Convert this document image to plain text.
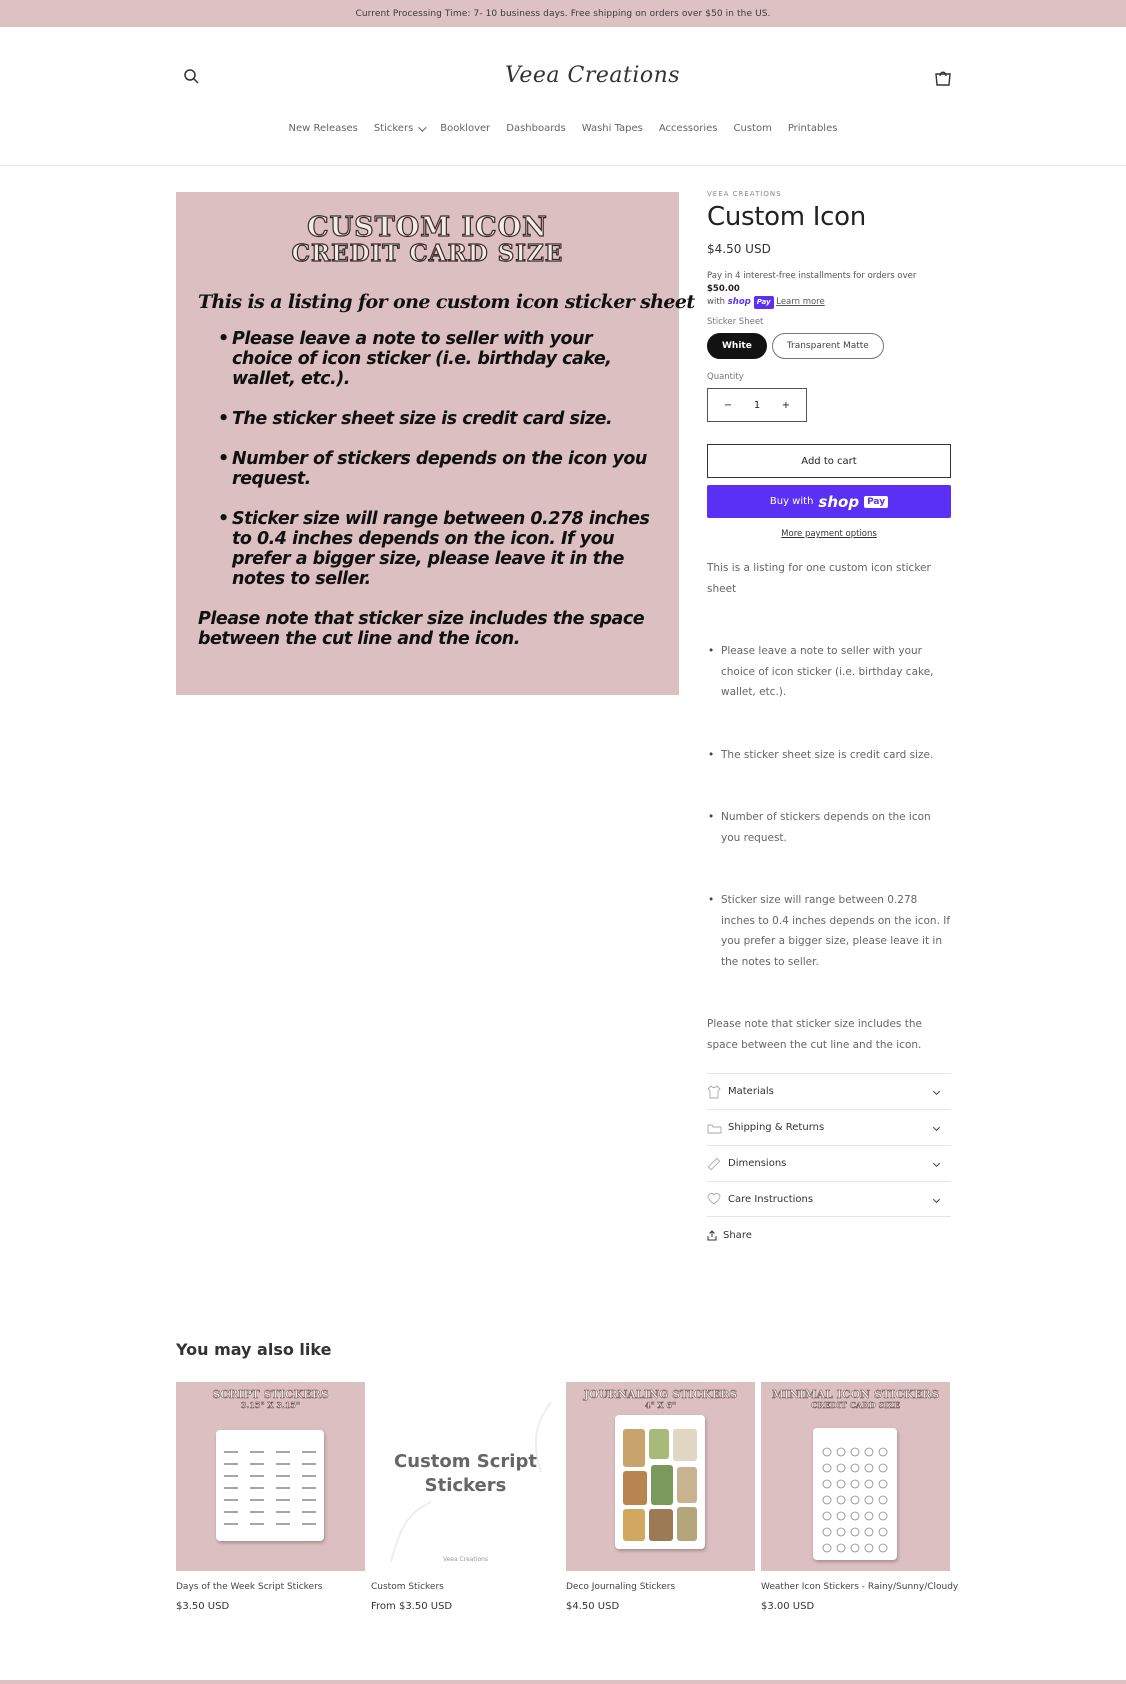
Current Processing Time: 7- 10 business days. Free shipping on orders over $50 in the US.
Veea Creations
New Releases Stickers	Booklover Dashboards Washi Tapes Accessories Custom Printables
CUSTOM ICON
CREDIT CARD SIZE
This is a listing for one custom icon sticker sheet
• Please leave a note to seller with your choice of icon sticker (i.e. birthday cake, wallet, etc.).
• The sticker sheet size is credit card size.
• Number of stickers depends on the icon you request.
• Sticker size will range between 0.278 inches to 0.4 inches depends on the icon. If you prefer a bigger size, please leave it in the notes to seller.
Please note that sticker size includes the space between the cut line and the icon.
VEEA CREATIONS
Custom Icon
$4.50 USD
Pay in 4 interest-free installments for orders over $50.00
with shop Pay Learn more
Sticker Sheet
White	Transparent Matte
Quantity
−	1	+
Add to cart
Buy with shop Pay
More payment options

This is a listing for one custom icon sticker sheet

• Please leave a note to seller with your choice of icon sticker (i.e. birthday cake, wallet, etc.).
• The sticker sheet size is credit card size.
• Number of stickers depends on the icon you request.
• Sticker size will range between 0.278 inches to 0.4 inches depends on the icon. If you prefer a bigger size, please leave it in the notes to seller.

Please note that sticker size includes the space between the cut line and the icon.

Materials
Shipping & Returns
Dimensions
Care Instructions
Share
You may also like
SCRIPT STICKERS
3.15" X 3.15"
Days of the Week Script Stickers
$3.50 USD
Custom Script Stickers
Veea Creations
Custom Stickers
From $3.50 USD
JOURNALING STICKERS
4" X 6"
Deco Journaling Stickers
$4.50 USD
MINIMAL ICON STICKERS
CREDIT CARD SIZE
Weather Icon Stickers - Rainy/Sunny/Cloudy
$3.00 USD
